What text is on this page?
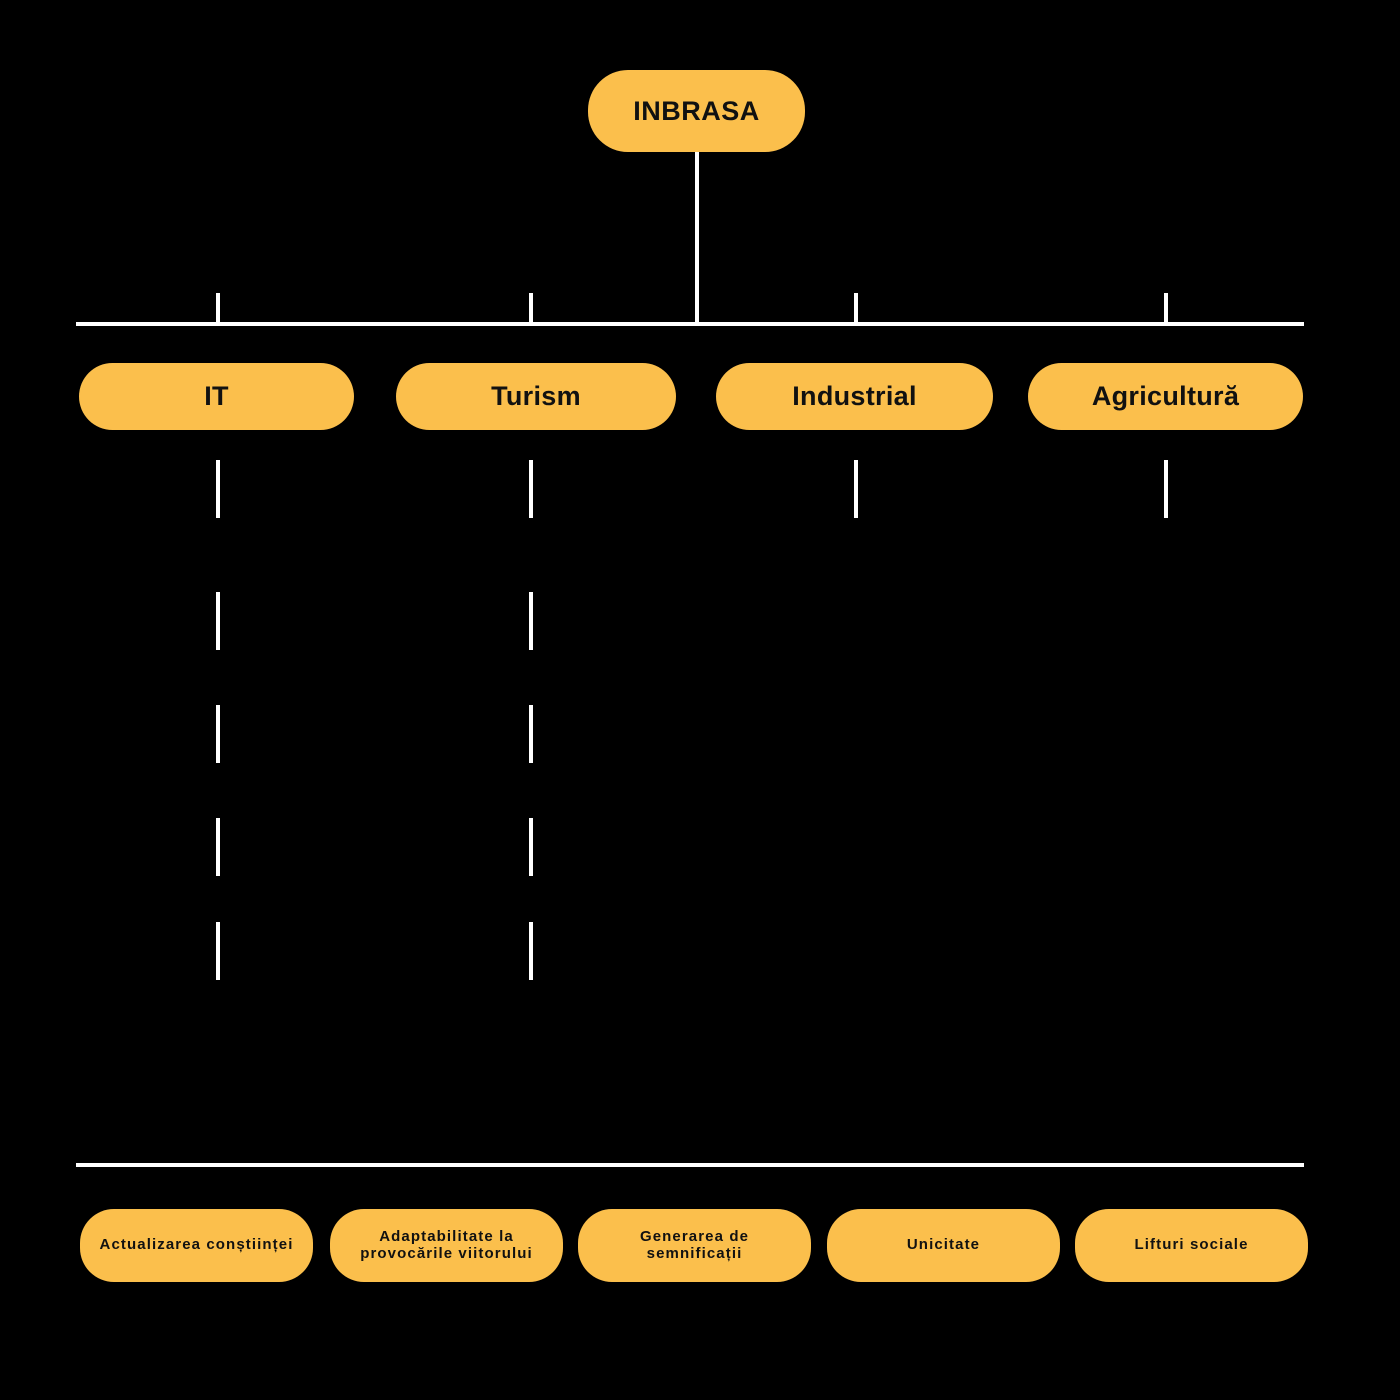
INBRASA
IT	Turism	Industrial	Agricultură
Actualizarea conștiinței	Adaptabilitate la provocările viitorului
Generarea de semnificații	Unicitate	Lifturi sociale
